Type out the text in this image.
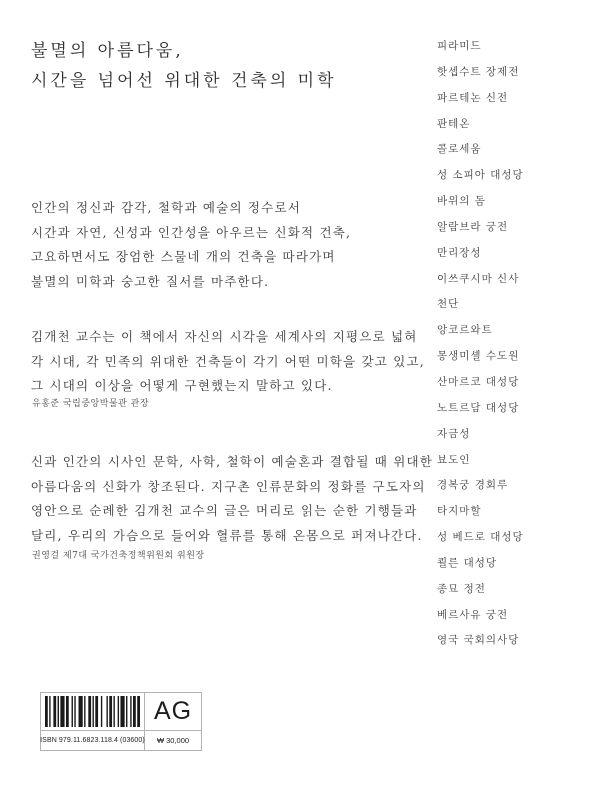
불멸의 아름다움,
시간을 넘어선 위대한 건축의 미학
피라미드
핫셉수트 장제전
파르테논 신전
판테온
콜로세움
성 소피아 대성당
바위의 돔
알람브라 궁전
만리장성
이쓰쿠시마 신사
천단
앙코르와트
몽생미셸 수도원
산마르코 대성당
노트르담 대성당
자금성
뵤도인
경복궁 경회루
타지마할
성 베드로 대성당
쾰른 대성당
종묘 정전
베르사유 궁전
영국 국회의사당
인간의 정신과 감각, 철학과 예술의 정수로서
시간과 자연, 신성과 인간성을 아우르는 신화적 건축,
고요하면서도 장엄한 스물네 개의 건축을 따라가며
불멸의 미학과 숭고한 질서를 마주한다.
김개천 교수는 이 책에서 자신의 시각을 세계사의 지평으로 넓혀
각 시대, 각 민족의 위대한 건축들이 각기 어떤 미학을 갖고 있고,
그 시대의 이상을 어떻게 구현했는지 말하고 있다.
유홍준 국립중앙박물관 관장
신과 인간의 시사인 문학, 사학, 철학이 예술혼과 결합될 때 위대한
아름다움의 신화가 창조된다. 지구촌 인류문화의 정화를 구도자의
영안으로 순례한 김개천 교수의 글은 머리로 읽는 순한 기행들과
달리, 우리의 가슴으로 들어와 혈류를 통해 온몸으로 퍼져나간다.
권영걸 제7대 국가건축정책위원회 위원장
AG
ISBN 979.11.6823.118.4 (03600)	₩ 30,000
